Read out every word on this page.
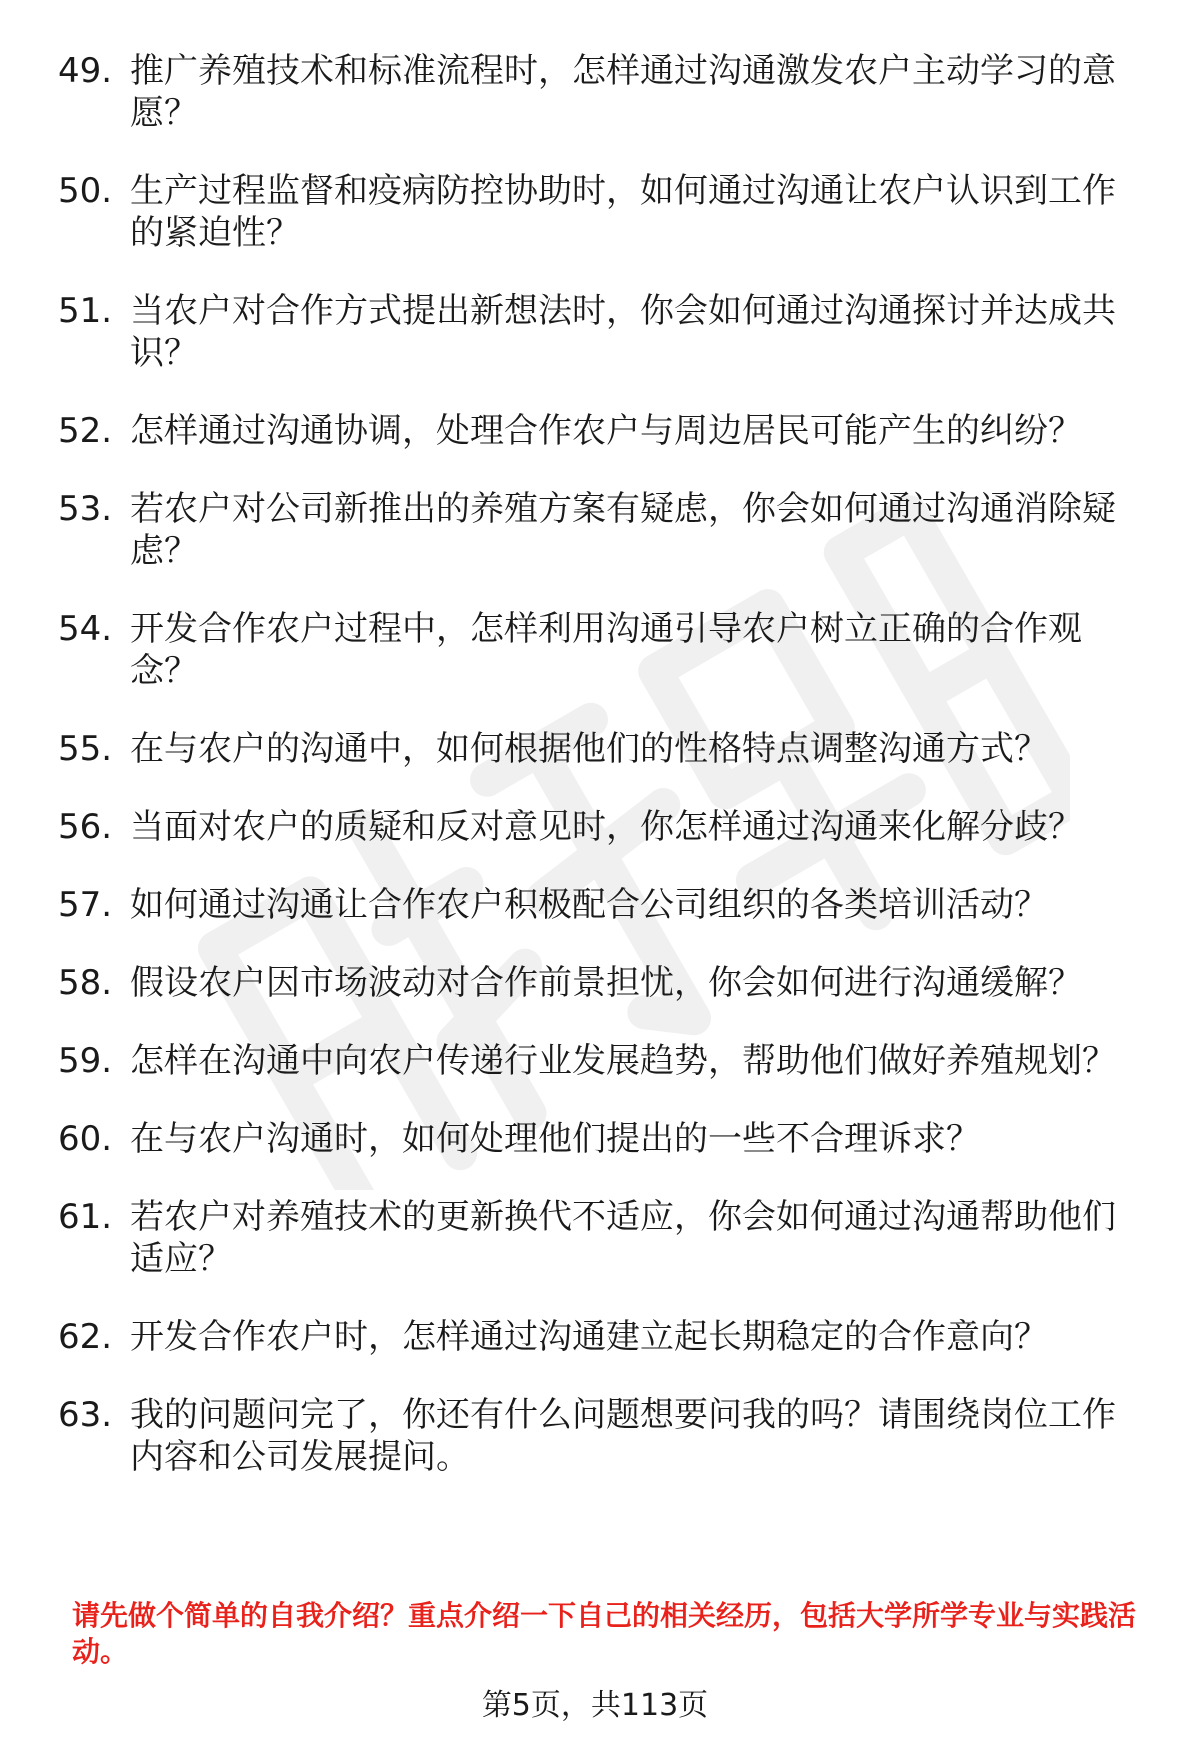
49. 推广养殖技术和标准流程时，怎样通过沟通激发农户主动学习的意愿？
50. 生产过程监督和疫病防控协助时，如何通过沟通让农户认识到工作的紧迫性？
51. 当农户对合作方式提出新想法时，你会如何通过沟通探讨并达成共识？
52. 怎样通过沟通协调，处理合作农户与周边居民可能产生的纠纷？
53. 若农户对公司新推出的养殖方案有疑虑，你会如何通过沟通消除疑虑？
54. 开发合作农户过程中，怎样利用沟通引导农户树立正确的合作观念？
55. 在与农户的沟通中，如何根据他们的性格特点调整沟通方式？
56. 当面对农户的质疑和反对意见时，你怎样通过沟通来化解分歧？
57. 如何通过沟通让合作农户积极配合公司组织的各类培训活动？
58. 假设农户因市场波动对合作前景担忧，你会如何进行沟通缓解？
59. 怎样在沟通中向农户传递行业发展趋势，帮助他们做好养殖规划？
60. 在与农户沟通时，如何处理他们提出的一些不合理诉求？
61. 若农户对养殖技术的更新换代不适应，你会如何通过沟通帮助他们适应？
62. 开发合作农户时，怎样通过沟通建立起长期稳定的合作意向？
63. 我的问题问完了，你还有什么问题想要问我的吗？请围绕岗位工作内容和公司发展提问。

请先做个简单的自我介绍？重点介绍一下自己的相关经历，包括大学所学专业与实践活动。

第5页，共113页
